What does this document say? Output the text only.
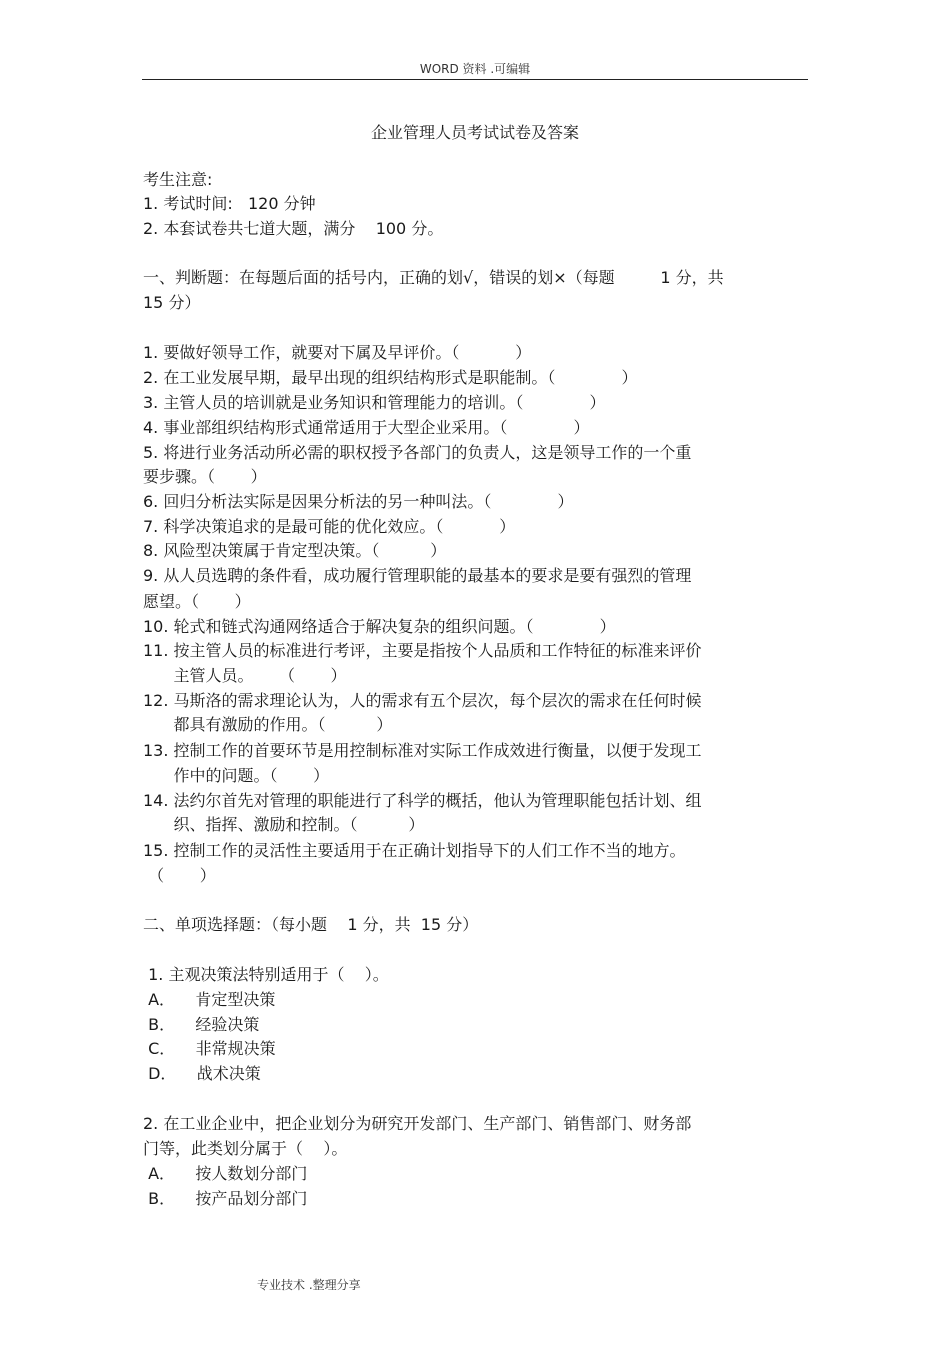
WORD 资料 .可编辑
企业管理人员考试试卷及答案
考生注意:
1. 考试时间:   120 分钟
2. 本套试卷共七道大题，满分    100 分。
一、判断题：在每题后面的括号内，正确的划√，错误的划×（每题         1 分，共
15 分）
1. 要做好领导工作，就要对下属及早评价。（           ）
2. 在工业发展早期，最早出现的组织结构形式是职能制。（             ）
3. 主管人员的培训就是业务知识和管理能力的培训。（             ）
4. 事业部组织结构形式通常适用于大型企业采用。（             ）
5. 将进行业务活动所必需的职权授予各部门的负责人，这是领导工作的一个重
要步骤。（       ）
6. 回归分析法实际是因果分析法的另一种叫法。（             ）
7. 科学决策追求的是最可能的优化效应。（           ）
8. 风险型决策属于肯定型决策。（          ）
9. 从人员选聘的条件看，成功履行管理职能的最基本的要求是要有强烈的管理
愿望。（       ）
10. 轮式和链式沟通网络适合于解决复杂的组织问题。（             ）
11. 按主管人员的标准进行考评，主要是指按个人品质和工作特征的标准来评价
主管人员。     （       ）
12. 马斯洛的需求理论认为，人的需求有五个层次，每个层次的需求在任何时候
都具有激励的作用。（          ）
13. 控制工作的首要环节是用控制标准对实际工作成效进行衡量，以便于发现工
作中的问题。（       ）
14. 法约尔首先对管理的职能进行了科学的概括，他认为管理职能包括计划、组
织、指挥、激励和控制。（          ）
15. 控制工作的灵活性主要适用于在正确计划指导下的人们工作不当的地方。
（       ）
二、单项选择题：（每小题    1 分，共  15 分）
1. 主观决策法特别适用于（    ）。
A．    肯定型决策
B．    经验决策
C．    非常规决策
D．    战术决策
2. 在工业企业中，把企业划分为研究开发部门、生产部门、销售部门、财务部
门等，此类划分属于（    ）。
A．    按人数划分部门
B．    按产品划分部门
专业技术 .整理分享
